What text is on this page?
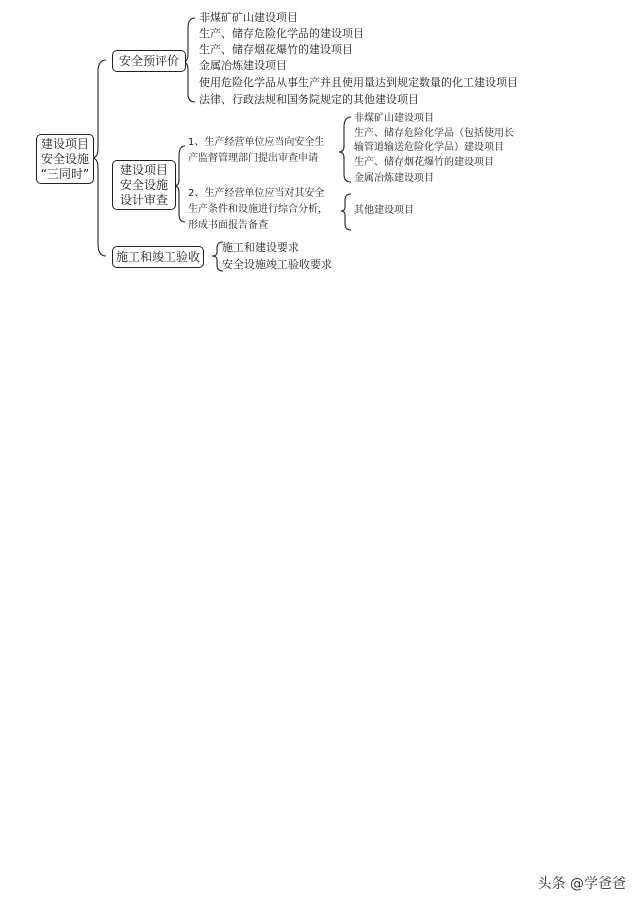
建设项目
安全设施
“三同时”
安全预评价
非煤矿矿山建设项目
生产、储存危险化学品的建设项目
生产、储存烟花爆竹的建设项目
金属冶炼建设项目
使用危险化学品从事生产并且使用量达到规定数量的化工建设项目
法律、行政法规和国务院规定的其他建设项目
建设项目
安全设施
设计审查
1、生产经营单位应当向安全生
产监督管理部门提出审查申请
非煤矿山建设项目
生产、储存危险化学品（包括使用长
输管道输送危险化学品）建设项目
生产、储存烟花爆竹的建设项目
金属冶炼建设项目
2、生产经营单位应当对其安全
生产条件和设施进行综合分析，
形成书面报告备查
其他建设项目
施工和竣工验收
施工和建设要求
安全设施竣工验收要求
头条 @学爸爸
